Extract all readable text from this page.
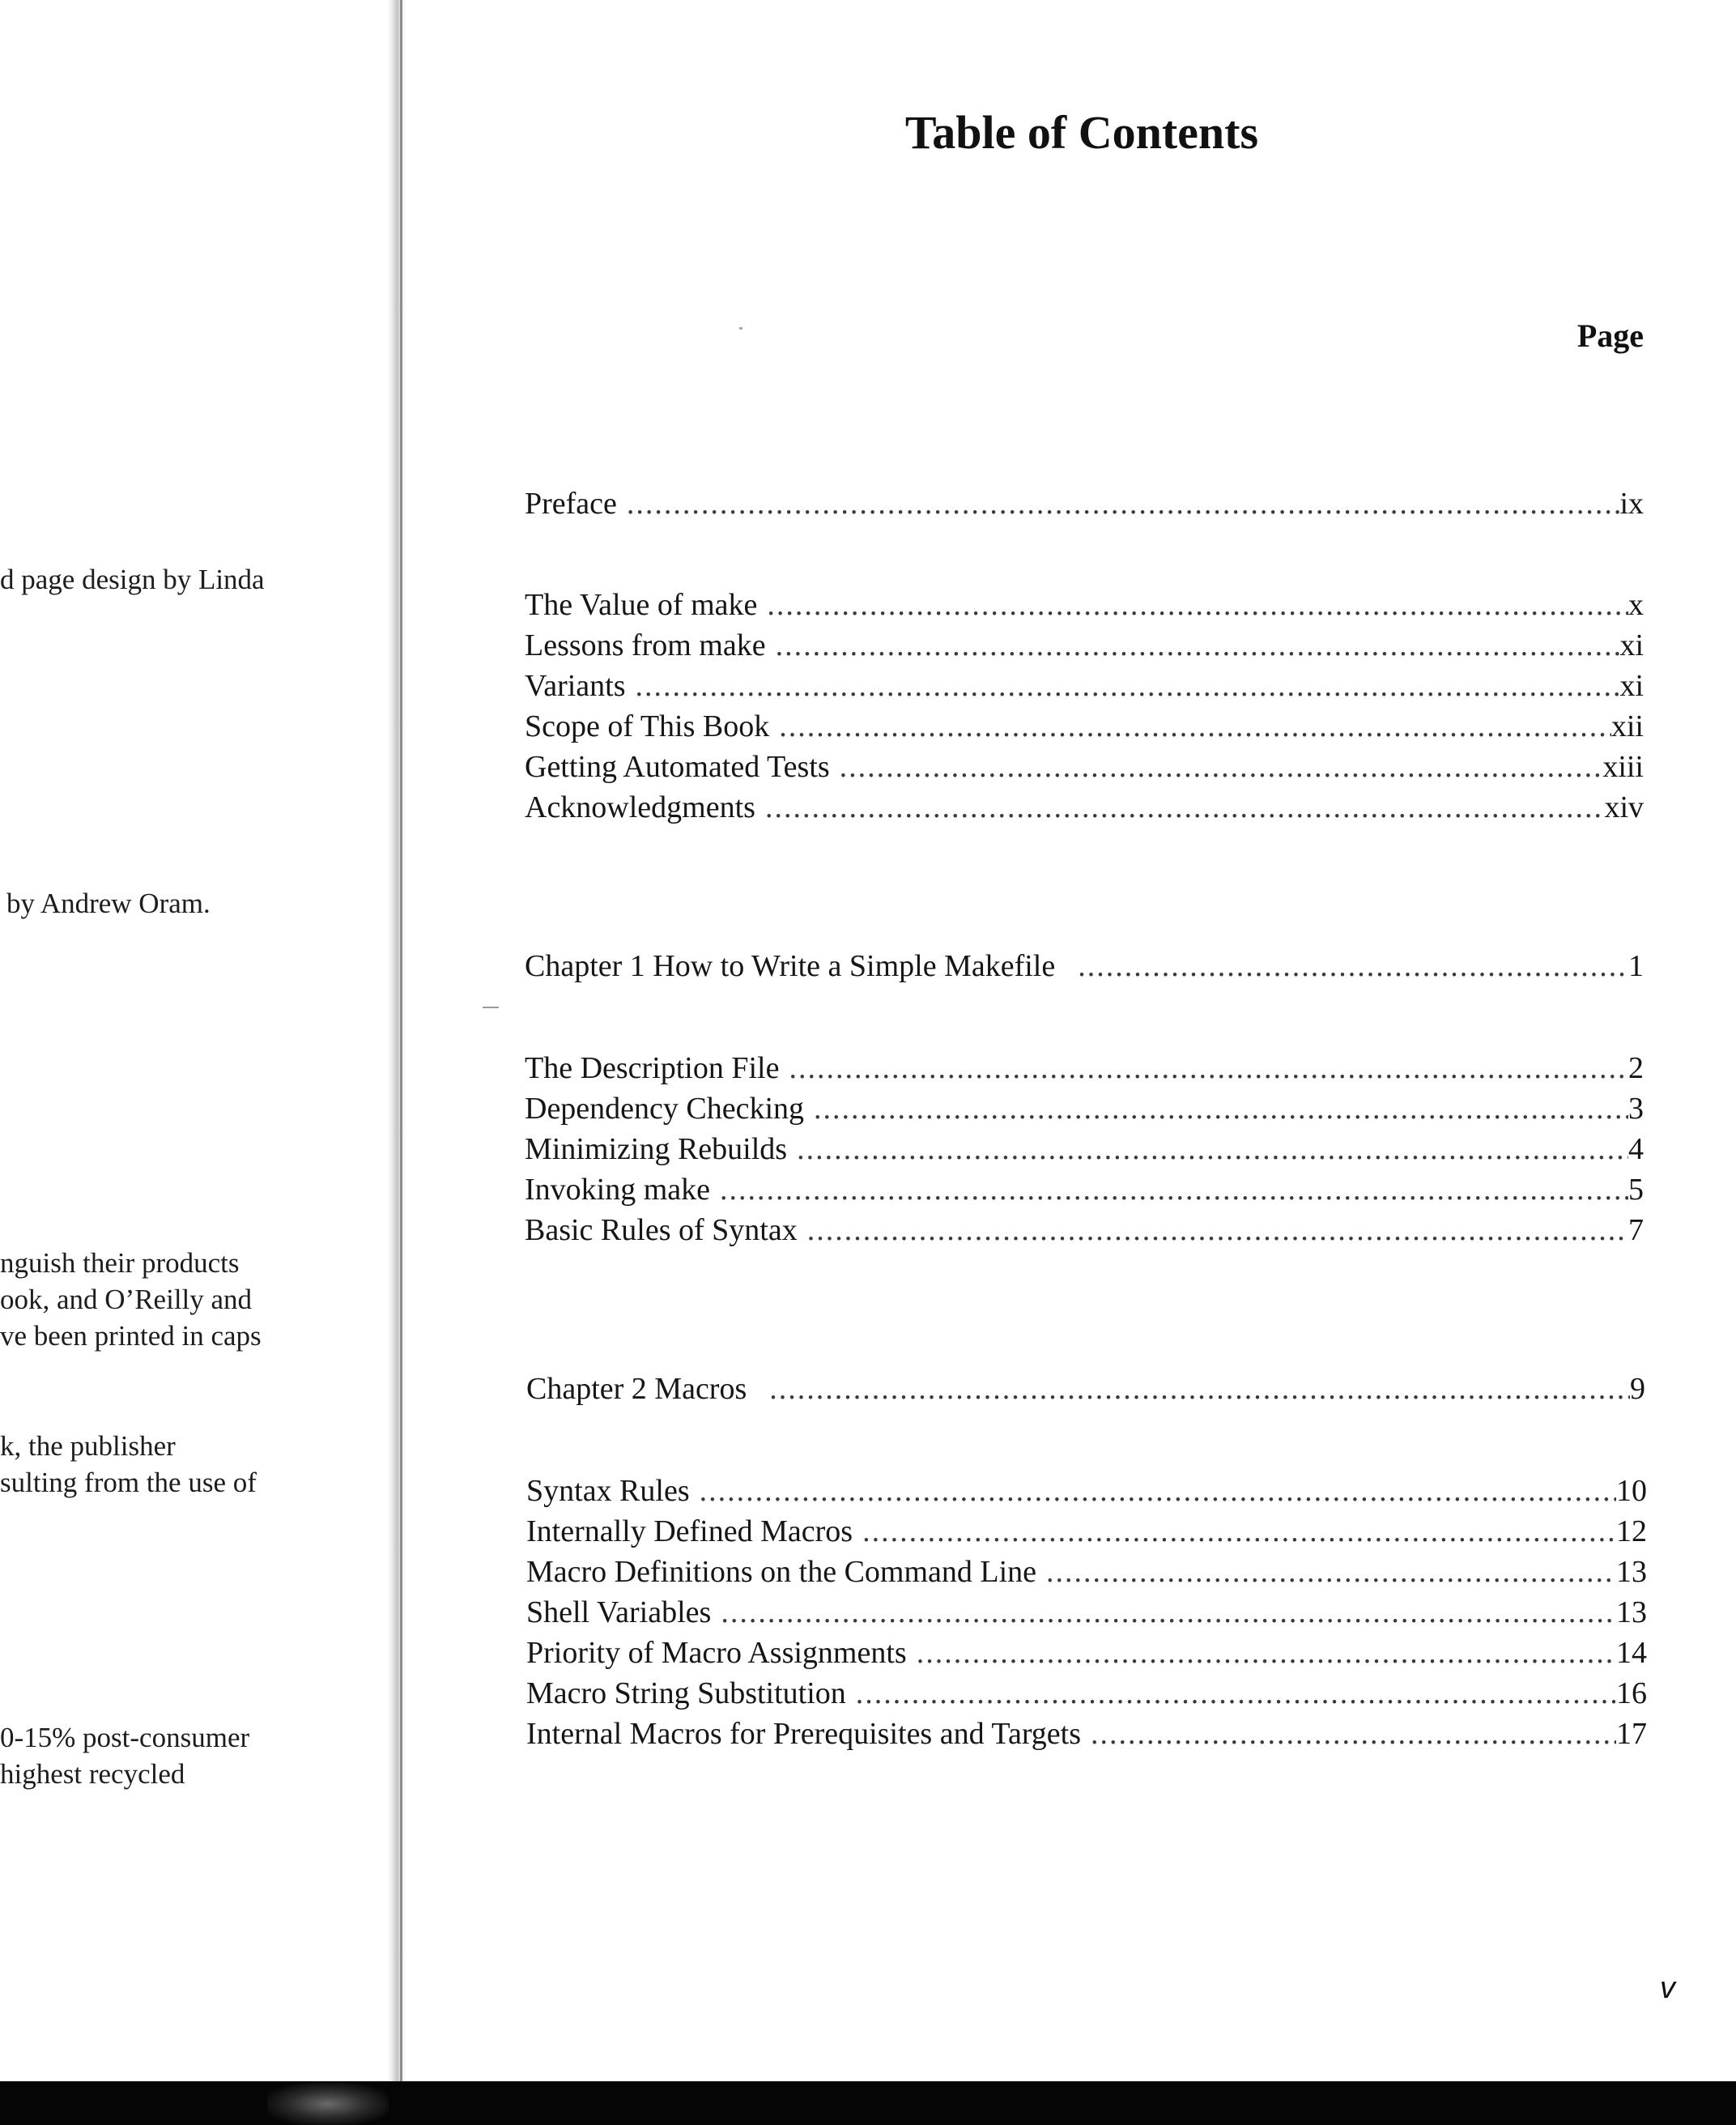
d page design by Linda
by Andrew Oram.
nguish their products
ook, and O’Reilly and
ve been printed in caps
k, the publisher
sulting from the use of
0-15% post-consumer
highest recycled
Table of Contents
Page
Preface .....	ix
The Value of make .....	x
Lessons from make .....	xi
Variants .....	xi
Scope of This Book .....	xii
Getting Automated Tests .....	xiii
Acknowledgments .....	xiv
Chapter 1 How to Write a Simple Makefile .....	1
The Description File .....	2
Dependency Checking .....	3
Minimizing Rebuilds .....	4
Invoking make .....	5
Basic Rules of Syntax .....	7
Chapter 2 Macros .....	9
Syntax Rules .....	10
Internally Defined Macros .....	12
Macro Definitions on the Command Line .....	13
Shell Variables .....	13
Priority of Macro Assignments .....	14
Macro String Substitution .....	16
Internal Macros for Prerequisites and Targets .....	17
v
